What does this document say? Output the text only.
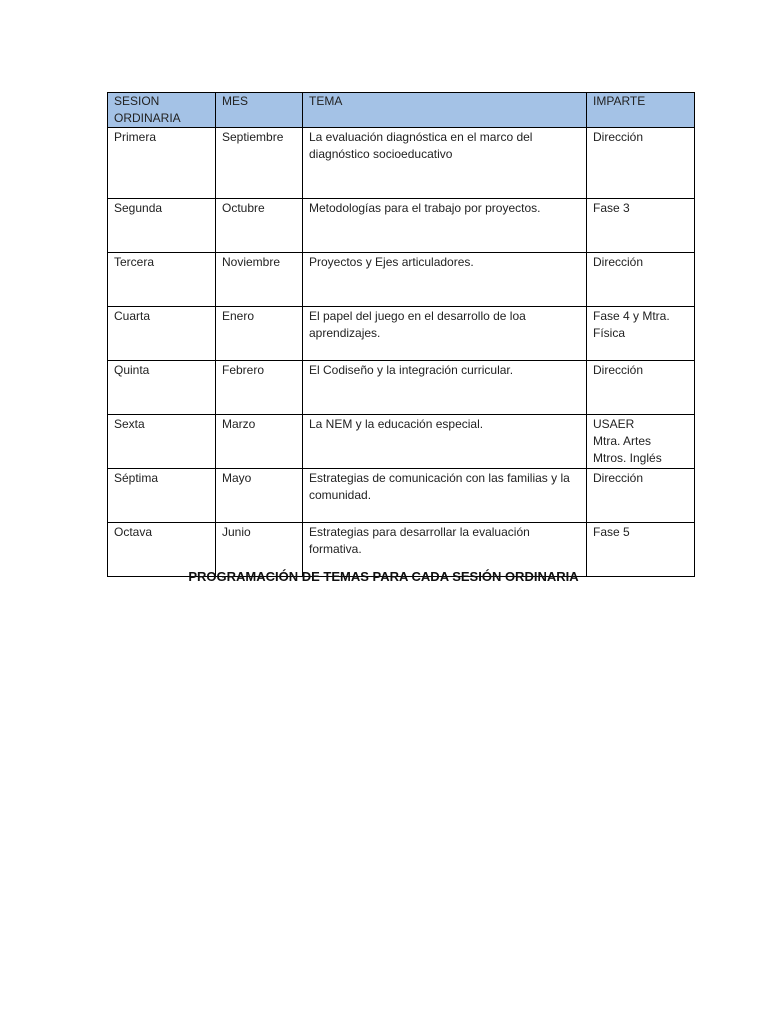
SESION ORDINARIA	MES	TEMA	IMPARTE
Primera	Septiembre	La evaluación diagnóstica en el marco del diagnóstico socioeducativo	Dirección

Segunda	Octubre	Metodologías para el trabajo por proyectos.	Fase 3

Tercera	Noviembre	Proyectos y Ejes articuladores.	Dirección

Cuarta	Enero	El papel del juego en el desarrollo de loa aprendizajes.	Fase 4 y Mtra. Física

Quinta	Febrero	El Codiseño y la integración curricular.	Dirección

Sexta	Marzo	La NEM y la educación especial.	USAER
Mtra. Artes
Mtros. Inglés

Séptima	Mayo	Estrategias de comunicación con las familias y la comunidad.	Dirección

Octava	Junio	Estrategias para desarrollar la evaluación formativa.	Fase 5
PROGRAMACIÓN DE TEMAS PARA CADA SESIÓN ORDINARIA
